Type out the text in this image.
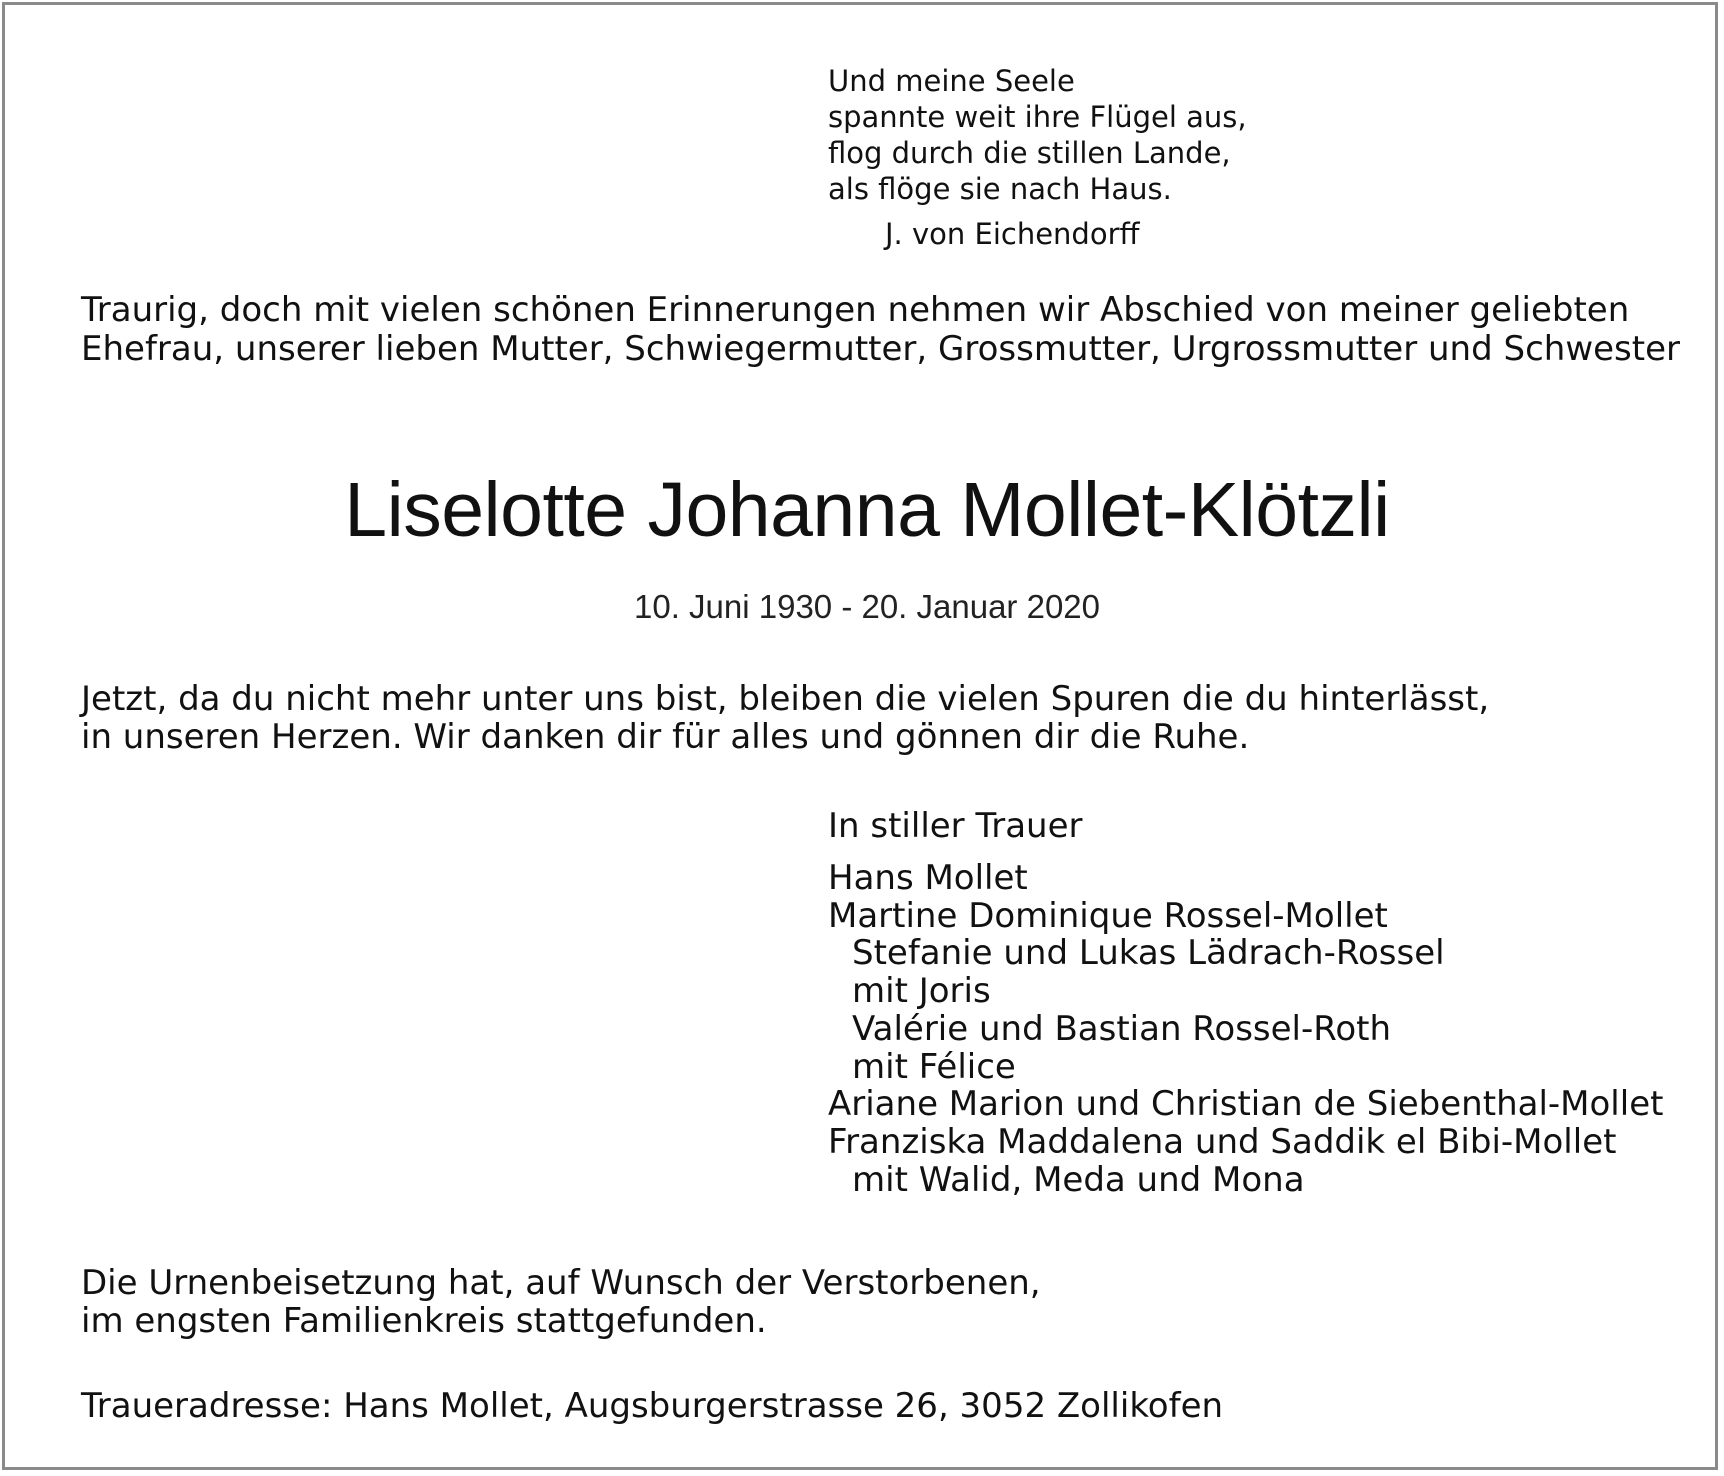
Und meine Seele
spannte weit ihre Flügel aus,
flog durch die stillen Lande,
als flöge sie nach Haus.
J. von Eichendorff
Traurig, doch mit vielen schönen Erinnerungen nehmen wir Abschied von meiner geliebten
Ehefrau, unserer lieben Mutter, Schwiegermutter, Grossmutter, Urgrossmutter und Schwester
Liselotte Johanna Mollet-Klötzli
10. Juni 1930 - 20. Januar 2020
Jetzt, da du nicht mehr unter uns bist, bleiben die vielen Spuren die du hinterlässt,
in unseren Herzen. Wir danken dir für alles und gönnen dir die Ruhe.
In stiller Trauer
Hans Mollet
Martine Dominique Rossel-Mollet
Stefanie und Lukas Lädrach-Rossel
mit Joris
Valérie und Bastian Rossel-Roth
mit Félice
Ariane Marion und Christian de Siebenthal-Mollet
Franziska Maddalena und Saddik el Bibi-Mollet
mit Walid, Meda und Mona
Die Urnenbeisetzung hat, auf Wunsch der Verstorbenen,
im engsten Familienkreis stattgefunden.
Traueradresse: Hans Mollet, Augsburgerstrasse 26, 3052 Zollikofen
